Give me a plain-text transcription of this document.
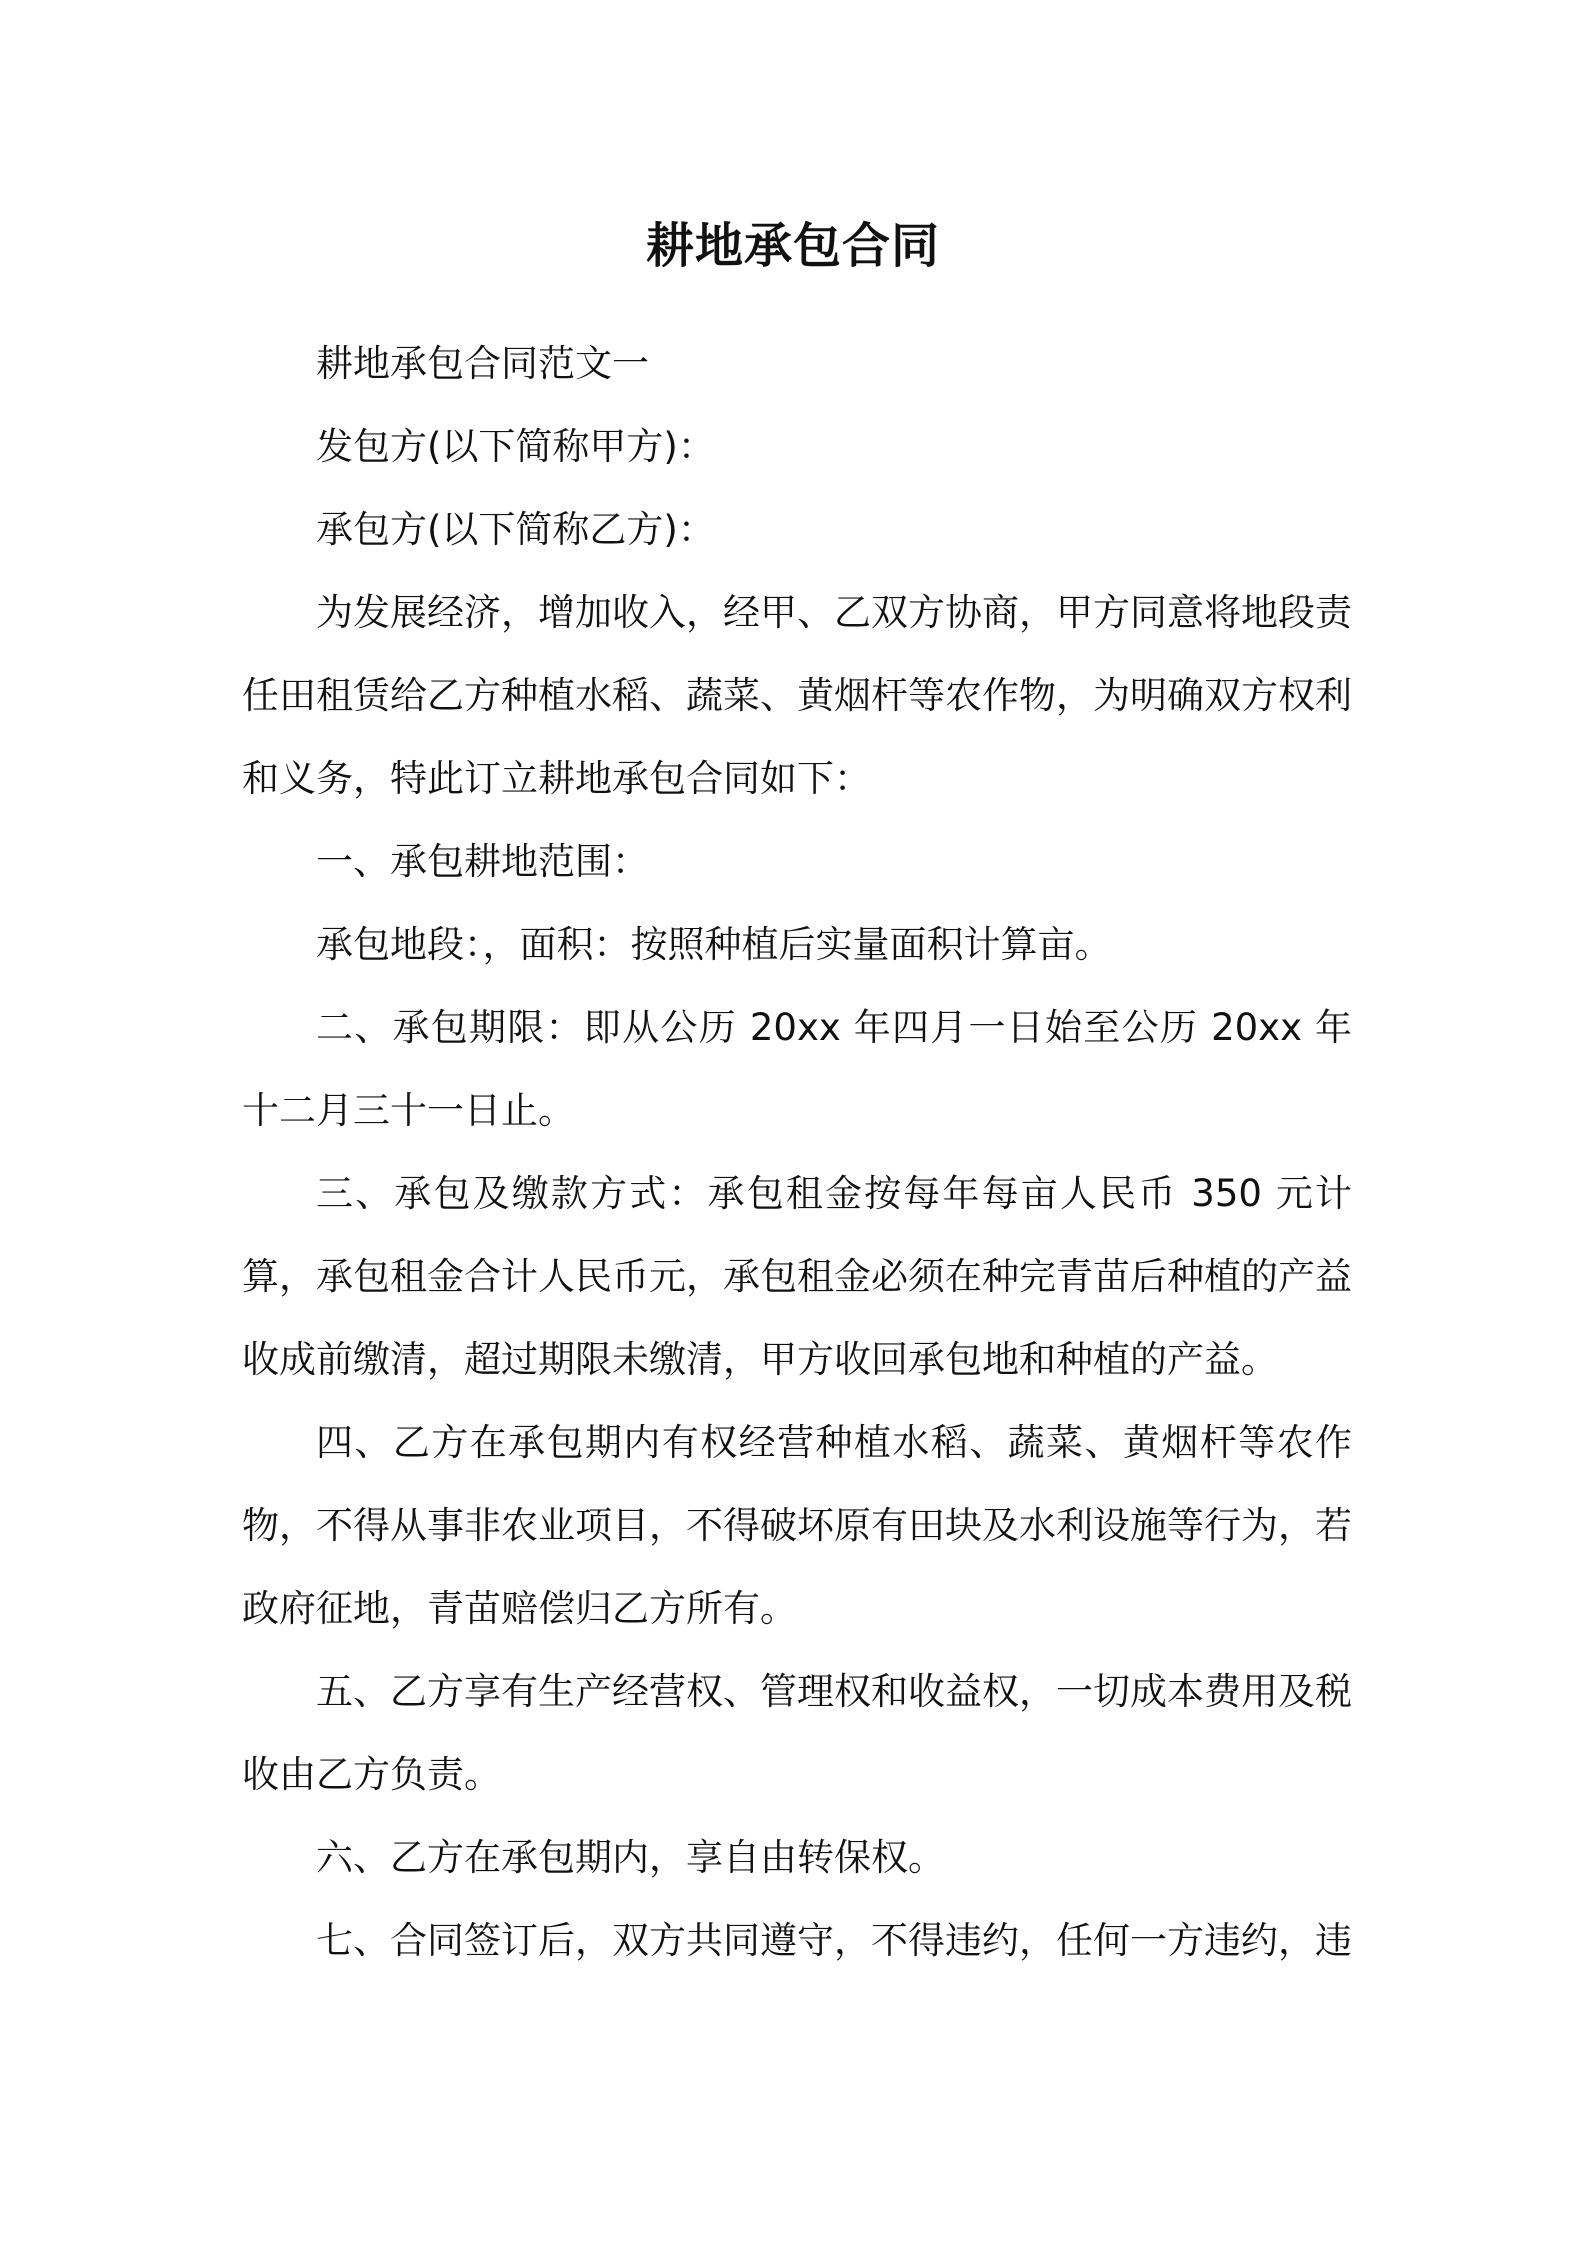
耕地承包合同

耕地承包合同范文一

发包方(以下简称甲方)：

承包方(以下简称乙方)：

为发展经济，增加收入，经甲、乙双方协商，甲方同意将地段责任田租赁给乙方种植水稻、蔬菜、黄烟杆等农作物，为明确双方权利和义务，特此订立耕地承包合同如下：

一、承包耕地范围：

承包地段：，面积：按照种植后实量面积计算亩。

二、承包期限：即从公历 20xx 年四月一日始至公历 20xx 年十二月三十一日止。

三、承包及缴款方式：承包租金按每年每亩人民币 350 元计算，承包租金合计人民币元，承包租金必须在种完青苗后种植的产益收成前缴清，超过期限未缴清，甲方收回承包地和种植的产益。

四、乙方在承包期内有权经营种植水稻、蔬菜、黄烟杆等农作物，不得从事非农业项目，不得破坏原有田块及水利设施等行为，若政府征地，青苗赔偿归乙方所有。

五、乙方享有生产经营权、管理权和收益权，一切成本费用及税收由乙方负责。

六、乙方在承包期内，享自由转保权。

七、合同签订后，双方共同遵守，不得违约，任何一方违约，违
